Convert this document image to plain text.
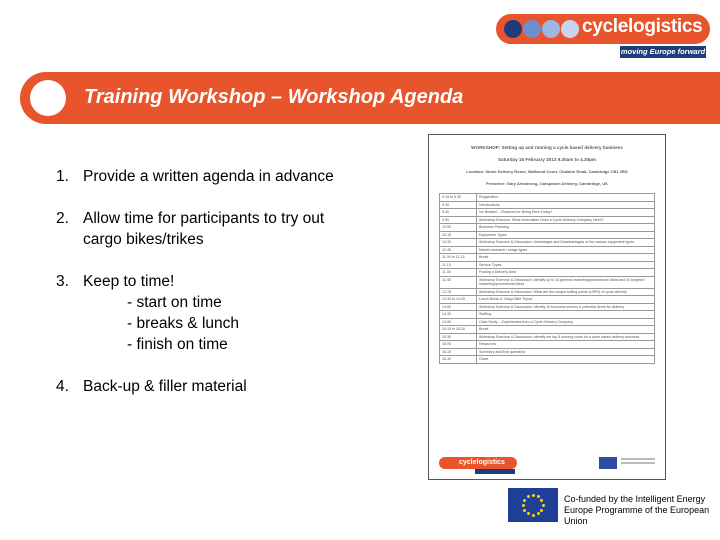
cyclelogistics
moving Europe forward
Training Workshop – Workshop Agenda
1. Provide a written agenda in advance
2. Allow time for participants to try out
cargo bikes/trikes
3. Keep to time!
- start on time
- breaks & lunch
- finish on time
4. Back-up & filler material
WORKSHOP: Setting up and running a cycle based delivery business
Saturday 16 February 2013 9.30am to 4.30pm
Location: Stone Delivery Room, Wallsend Court, Chaldon Road, Cambridge CB1 2RD
Presenter: Gary Armstrong, Outspoken Delivery, Cambridge, UK
9.15 to 9.30	Registration
9.30	Introductions
9.40	Ice Breaker – Reasons for Being Here Today?
9.50	Workshop Exercise: What Information Does a Cycle Delivery Company Need?
10.00	Business Planning
10.15	Equipment Types
10.30	Workshop Exercise & Discussion: Advantages and Disadvantages of the various equipment types
10.45	Market research / usage types
11.00 to 11.15	Break
11.15	Service Types
11.30	Finding a Delivery Area
11.45	Workshop Exercise & Discussion: Identify up to 10 general marketing/promotional ideas and 10 targeted marketing/promotional ideas
12.15	Workshop Exercise & Discussion: What are the unique selling points (USPs) of cycle delivery
12.30 to 14.00	Lunch Break & Cargo Bike Tryout
14.00	Workshop Exercise & Discussion: Identify 10 business sectors & potential items for delivery
14.30	Staffing
14.50	Case Study – Experiences from a Cycle Delivery Company
15.15 to 15.30	Break
15.30	Workshop Exercise & Discussion: Identify the top 5 running costs for a cycle based delivery business
16.00	Resources
16.15	Summary and final questions
16.30	Close
cyclelogistics
Co-funded by the Intelligent Energy Europe Programme of the European Union
